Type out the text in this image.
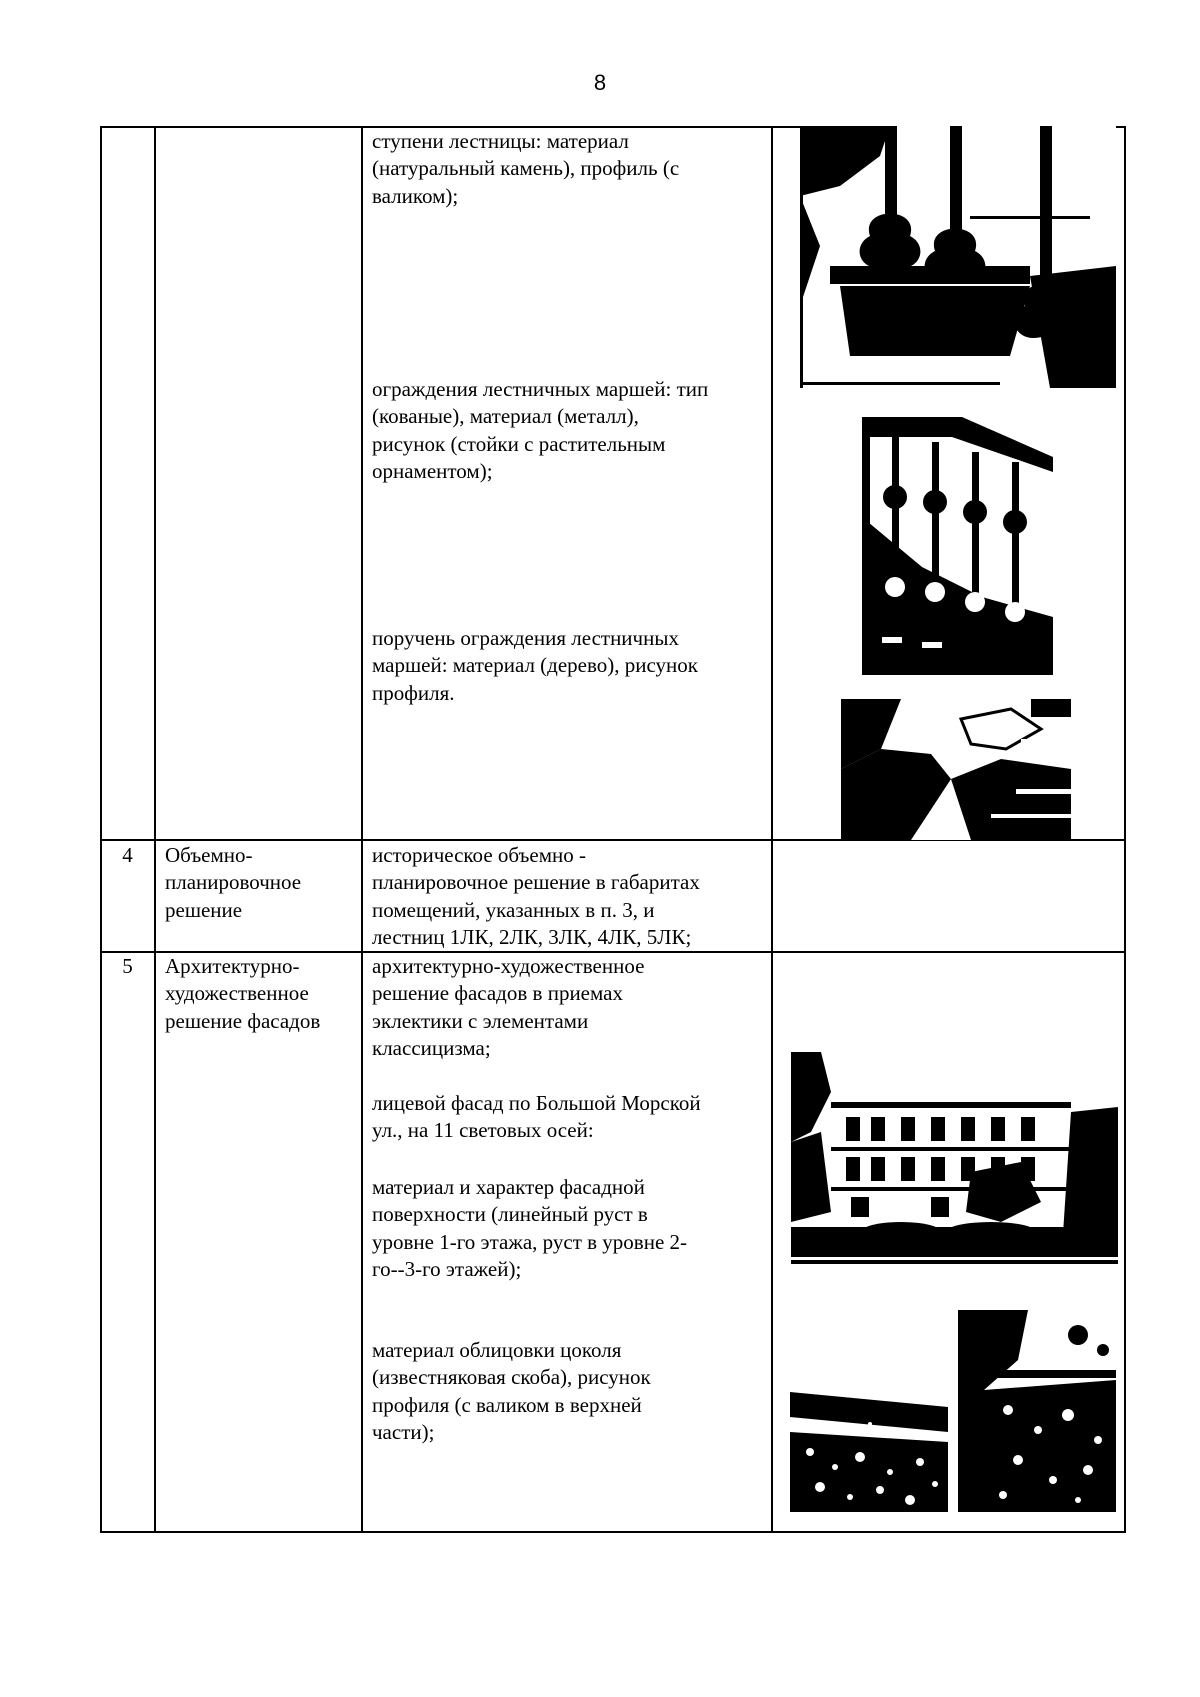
8

ступени лестницы: материал
(натуральный камень), профиль (с
валиком);

ограждения лестничных маршей: тип
(кованые), материал (металл),
рисунок (стойки с растительным
орнаментом);

поручень ограждения лестничных
маршей: материал (дерево), рисунок
профиля.

4	Объемно-
планировочное
решение

историческое объемно -
планировочное решение в габаритах
помещений, указанных в п. 3, и
лестниц 1ЛК, 2ЛК, 3ЛК, 4ЛК, 5ЛК;

5	Архитектурно-
художественное
решение фасадов

архитектурно-художественное
решение фасадов в приемах
эклектики с элементами
классицизма;

лицевой фасад по Большой Морской
ул., на 11 световых осей:

материал и характер фасадной
поверхности (линейный руст в
уровне 1-го этажа, руст в уровне 2-
го--3-го этажей);

материал облицовки цоколя
(известняковая скоба), рисунок
профиля (с валиком в верхней
части);
